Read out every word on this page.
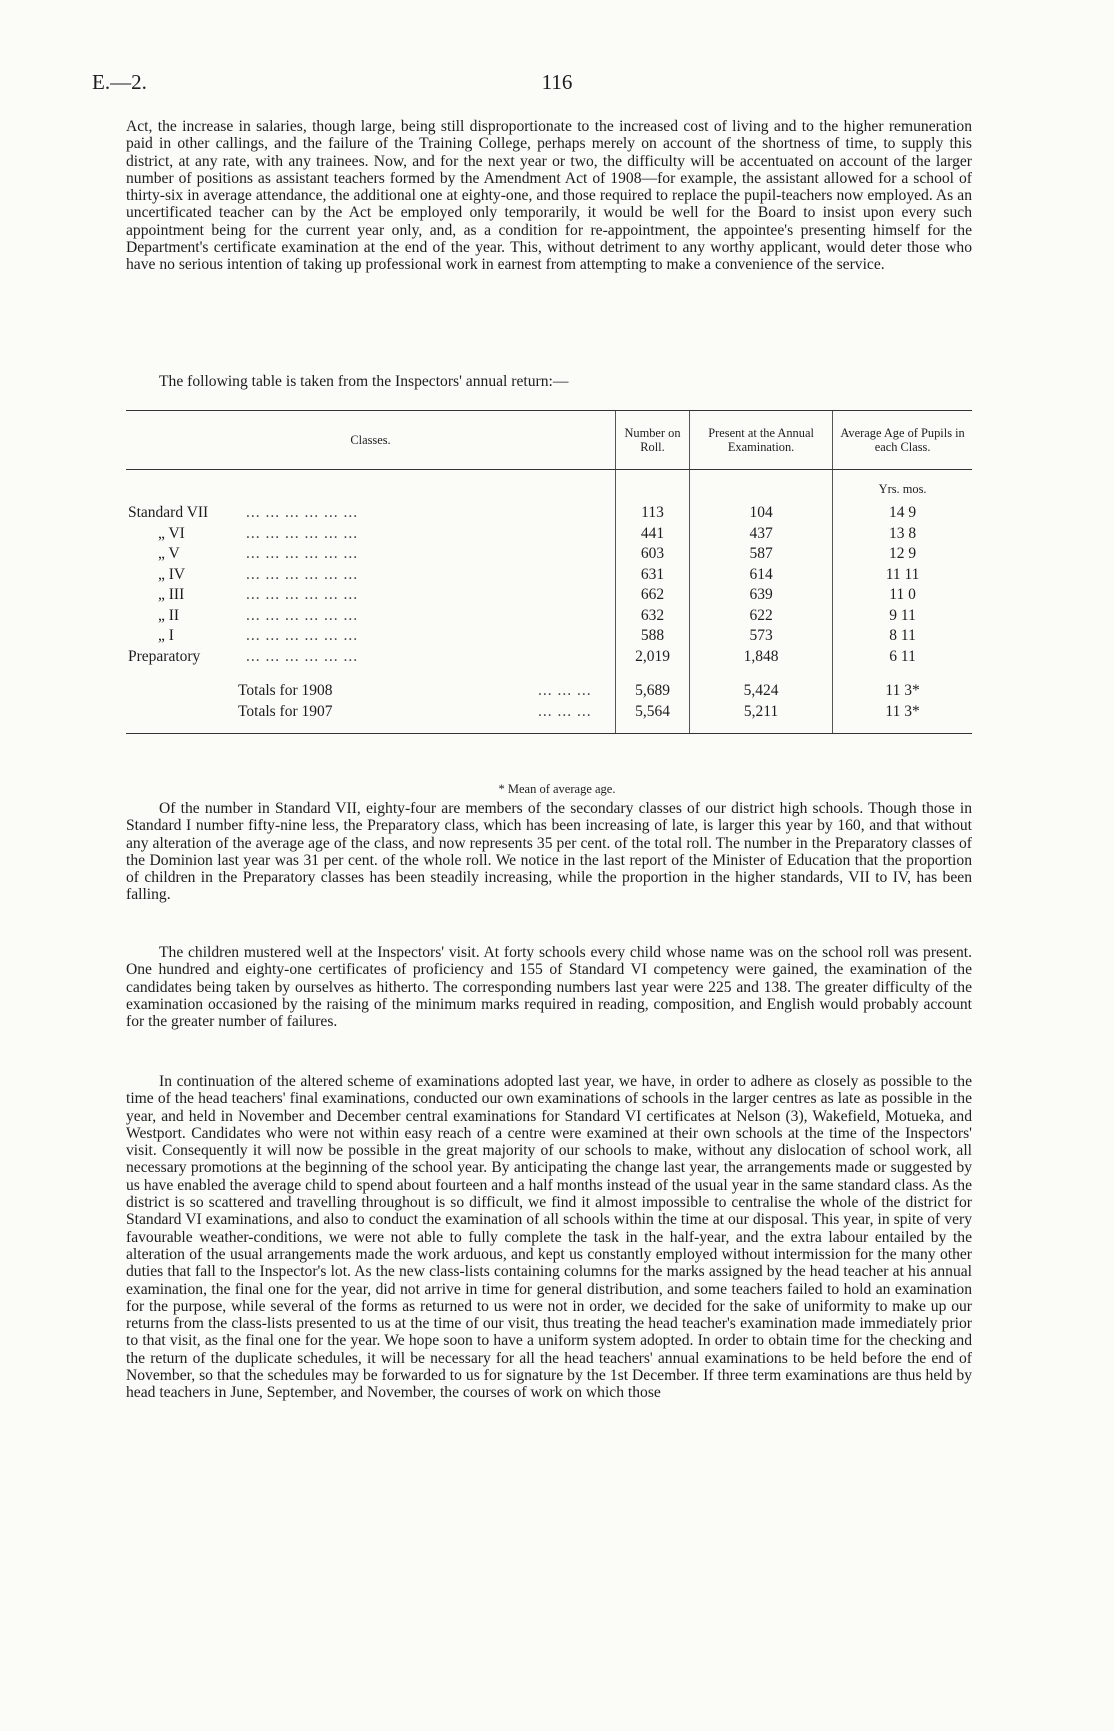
E.—2.	116

Act, the increase in salaries, though large, being still disproportionate to the increased cost of living and to the higher remuneration paid in other callings, and the failure of the Training College, perhaps merely on account of the shortness of time, to supply this district, at any rate, with any trainees. Now, and for the next year or two, the difficulty will be accentuated on account of the larger number of positions as assistant teachers formed by the Amendment Act of 1908—for example, the assistant allowed for a school of thirty-six in average attendance, the additional one at eighty-one, and those required to replace the pupil-teachers now employed. As an uncertificated teacher can by the Act be employed only temporarily, it would be well for the Board to insist upon every such appointment being for the current year only, and, as a condition for re-appointment, the appointee's presenting himself for the Department's certificate examination at the end of the year. This, without detriment to any worthy applicant, would deter those who have no serious intention of taking up professional work in earnest from attempting to make a convenience of the service.

The following table is taken from the Inspectors' annual return:—

Classes.	Number on Roll.	Present at the Annual Examination.	Average Age of Pupils in each Class.
			Yrs. mos.
Standard VII ... ... ... ... ... ...	113	104	14 9
„ VI ... ... ... ... ... ...	441	437	13 8
„ V ... ... ... ... ... ...	603	587	12 9
„ IV ... ... ... ... ... ...	631	614	11 11
„ III ... ... ... ... ... ...	662	639	11 0
„ II ... ... ... ... ... ...	632	622	9 11
„ I ... ... ... ... ... ...	588	573	8 11
Preparatory ... ... ... ... ... ...	2,019	1,848	6 11

Totals for 1908 ... ... ...	5,689	5,424	11 3*
Totals for 1907 ... ... ...	5,564	5,211	11 3*
* Mean of average age.

Of the number in Standard VII, eighty-four are members of the secondary classes of our district high schools. Though those in Standard I number fifty-nine less, the Preparatory class, which has been increasing of late, is larger this year by 160, and that without any alteration of the average age of the class, and now represents 35 per cent. of the total roll. The number in the Preparatory classes of the Dominion last year was 31 per cent. of the whole roll. We notice in the last report of the Minister of Education that the proportion of children in the Preparatory classes has been steadily increasing, while the proportion in the higher standards, VII to IV, has been falling.

The children mustered well at the Inspectors' visit. At forty schools every child whose name was on the school roll was present. One hundred and eighty-one certificates of proficiency and 155 of Standard VI competency were gained, the examination of the candidates being taken by ourselves as hitherto. The corresponding numbers last year were 225 and 138. The greater difficulty of the examination occasioned by the raising of the minimum marks required in reading, composition, and English would probably account for the greater number of failures.

In continuation of the altered scheme of examinations adopted last year, we have, in order to adhere as closely as possible to the time of the head teachers' final examinations, conducted our own examinations of schools in the larger centres as late as possible in the year, and held in November and December central examinations for Standard VI certificates at Nelson (3), Wakefield, Motueka, and Westport. Candidates who were not within easy reach of a centre were examined at their own schools at the time of the Inspectors' visit. Consequently it will now be possible in the great majority of our schools to make, without any dislocation of school work, all necessary promotions at the beginning of the school year. By anticipating the change last year, the arrangements made or suggested by us have enabled the average child to spend about fourteen and a half months instead of the usual year in the same standard class. As the district is so scattered and travelling throughout is so difficult, we find it almost impossible to centralise the whole of the district for Standard VI examinations, and also to conduct the examination of all schools within the time at our disposal. This year, in spite of very favourable weather-conditions, we were not able to fully complete the task in the half-year, and the extra labour entailed by the alteration of the usual arrangements made the work arduous, and kept us constantly employed without intermission for the many other duties that fall to the Inspector's lot. As the new class-lists containing columns for the marks assigned by the head teacher at his annual examination, the final one for the year, did not arrive in time for general distribution, and some teachers failed to hold an examination for the purpose, while several of the forms as returned to us were not in order, we decided for the sake of uniformity to make up our returns from the class-lists presented to us at the time of our visit, thus treating the head teacher's examination made immediately prior to that visit, as the final one for the year. We hope soon to have a uniform system adopted. In order to obtain time for the checking and the return of the duplicate schedules, it will be necessary for all the head teachers' annual examinations to be held before the end of November, so that the schedules may be forwarded to us for signature by the 1st December. If three term examinations are thus held by head teachers in June, September, and November, the courses of work on which those
